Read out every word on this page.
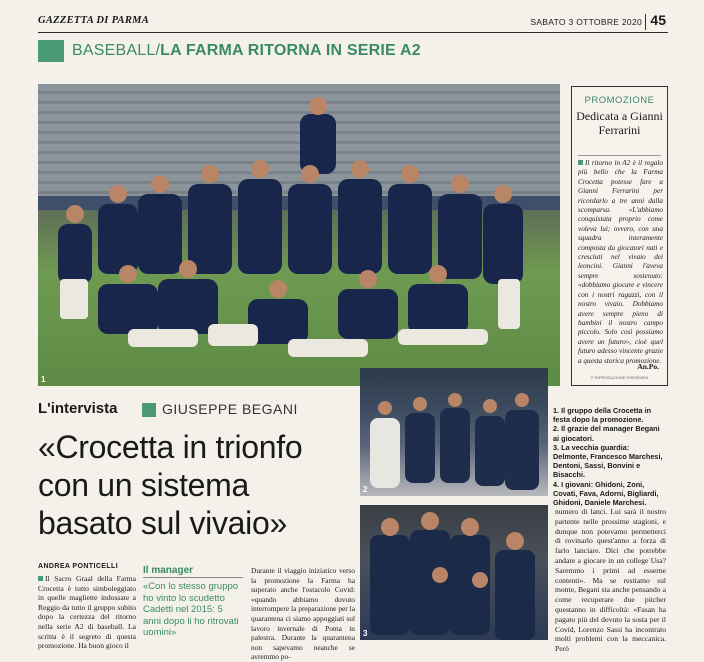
GAZZETTA DI PARMA	SABATO 3 OTTOBRE 2020 45
BASEBALL/LA FARMA RITORNA IN SERIE A2
1
PROMOZIONE
Dedicata a Gianni Ferrarini
Il ritorno in A2 è il regalo più bello che la Farma Crocetta potesse fare a Gianni Ferrarini per ricordarlo a tre anni dalla scomparsa. «L'abbiamo conquistata proprio come voleva lui; ovvero, con una squadra interamente composta da giocatori nati e cresciuti nel vivaio dei leoncini. Gianni l'aveva sempre sostenuto: «dobbiamo giocare e vincere con i nostri ragazzi, con il nostro vivaio. Dobbiamo avere sempre pieno di bambini il nostro campo piccolo. Solo così possiamo avere un futuro», cioè quel futuro adesso vincente grazie a questa storica promozione.
An.Po.
© RIPRODUZIONE RISERVATA
L'intervista	GIUSEPPE BEGANI
«Crocetta in trionfo
con un sistema
basato sul vivaio»
ANDREA PONTICELLI
Il Sacro Graal della Farma Crocetta è tutto simboleggiato in quelle magliette indossate a Reggio da tutto il gruppo subito dopo la certezza del ritorno nella serie A2 di baseball. La scritta è il segreto di questa promozione. Ha buon gioco il
Il manager
«Con lo stesso gruppo ho vinto lo scudetto Cadetti nel 2015: 5 anni dopo li ho ritrovati uomini»
Durante il viaggio iniziatico verso la promozione la Farma ha superato anche l'ostacolo Covid: «quando abbiamo dovuto interrompere la preparazione per la quarantena ci siamo appoggiati sul lavoro invernale di Poma in palestra. Durante la quarantena non sapevamo neanche se avremmo po-
2
3

1. Il gruppo della Crocetta in festa dopo la promozione.

2. Il grazie del manager Begani ai giocatori.

3. La vecchia guardia: Delmonte, Francesco Marchesi, Dentoni, Sassi, Bonvini e Bisacchi.

4. I giovani: Ghidoni, Zoni, Covati, Fava, Adorni, Bigliardi, Ghidoni, Daniele Marchesi.

numero di lanci. Lui sarà il nostro partente nelle prossime stagioni, e dunque non potevamo permetterci di rovinarlo quest'anno a forza di farlo lanciare. Dici che potrebbe andare a giocare in un college Usa? Saremmo i primi ad esserne contenti». Ma se restiamo sul monte, Begani sta anche pensando a come recuperare due pitcher questanno in difficoltà: «Fasan ha pagato più del dovuto la sosta per il Covid, Lorenzo Sassi ha incontrato molti problemi con la meccanica. Però
